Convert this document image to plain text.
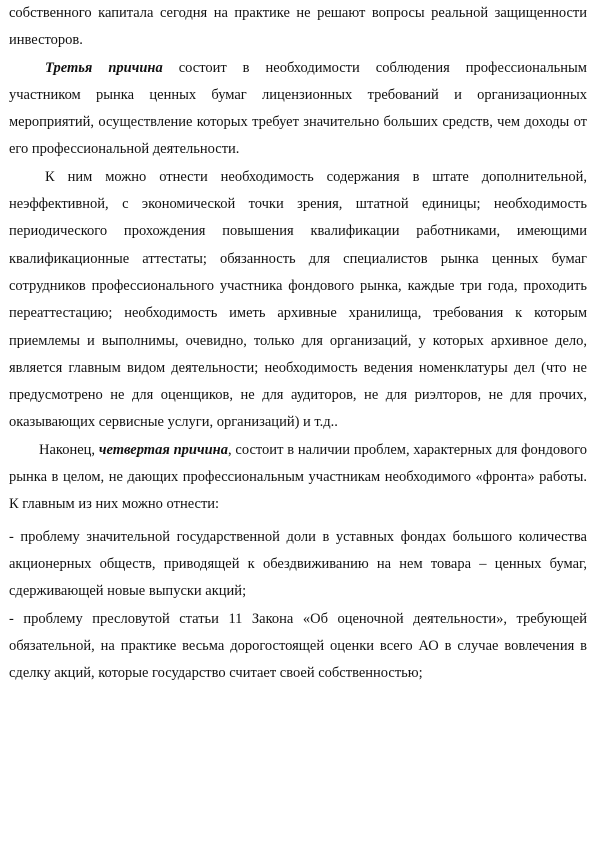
собственного капитала сегодня на практике не решают вопросы реальной защищенности инвесторов.

Третья причина состоит в необходимости соблюдения профессиональным участником рынка ценных бумаг лицензионных требований и организационных мероприятий, осуществление которых требует значительно больших средств, чем доходы от его профессиональной деятельности.

К ним можно отнести необходимость содержания в штате дополнительной, неэффективной, с экономической точки зрения, штатной единицы; необходимость периодического прохождения повышения квалификации работниками, имеющими квалификационные аттестаты; обязанность для специалистов рынка ценных бумаг сотрудников профессионального участника фондового рынка, каждые три года, проходить переаттестацию; необходимость иметь архивные хранилища, требования к которым приемлемы и выполнимы, очевидно, только для организаций, у которых архивное дело, является главным видом деятельности; необходимость ведения номенклатуры дел (что не предусмотрено не для оценщиков, не для аудиторов, не для риэлторов, не для прочих, оказывающих сервисные услуги, организаций) и т.д..

Наконец, четвертая причина, состоит в наличии проблем, характерных для фондового рынка в целом, не дающих профессиональным участникам необходимого «фронта» работы. К главным из них можно отнести:

- проблему значительной государственной доли в уставных фондах большого количества акционерных обществ, приводящей к обездвиживанию на нем товара – ценных бумаг, сдерживающей новые выпуски акций;

- проблему пресловутой статьи 11 Закона «Об оценочной деятельности», требующей обязательной, на практике весьма дорогостоящей оценки всего АО в случае вовлечения в сделку акций, которые государство считает своей собственностью;
